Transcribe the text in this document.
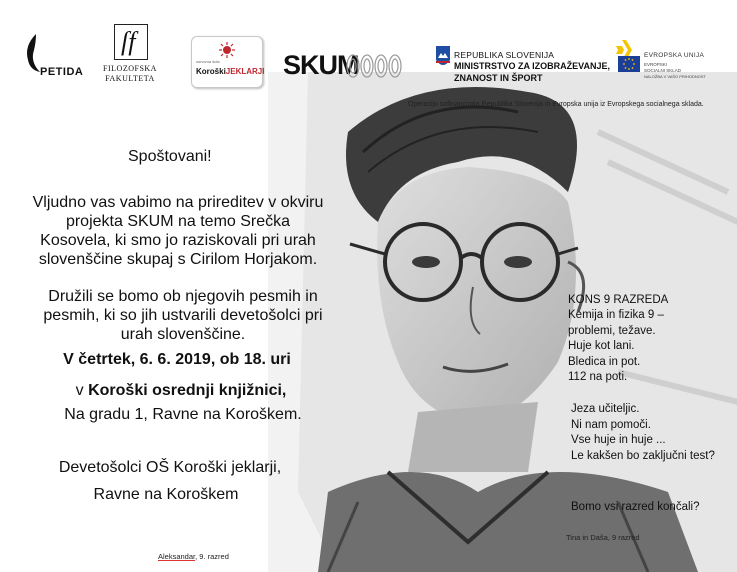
PETIDA
ſf
FILOZOFSKA
FAKULTETA
osnovna šola
KoroškiJEKLARJI SKUM	REPUBLIKA SLOVENIJA
MINISTRSTVO ZA IZOBRAŽEVANJE,
ZNANOST IN ŠPORT
EVROPSKA UNIJA
EVROPSKI
SOCIALNI SKLAD
NALOŽBA V VAŠO PRIHODNOST
Operacijo sofinancirata Republika Slovenija in Evropska unija iz Evropskega socialnega sklada.
Spoštovani!
Vljudno vas vabimo na prireditev v okviru
projekta SKUM na temo Srečka
Kosovela, ki smo jo raziskovali pri urah
slovenščine skupaj s Cirilom Horjakom.
Družili se bomo ob njegovih pesmih in
pesmih, ki so jih ustvarili devetošolci pri
urah slovenščine.
V četrtek, 6. 6. 2019, ob 18. uri
v Koroški osrednji knjižnici,
Na gradu 1, Ravne na Koroškem.
Devetošolci OŠ Koroški jeklarji,
Ravne na Koroškem
KONS 9 RAZREDA
Kemija in fizika 9 –
problemi, težave.
Huje kot lani.
Bledica in pot.
112 na poti.
Jeza učiteljic.
Ni nam pomoči.
Vse huje in huje ...
Le kakšen bo zaključni test?
Bomo vsi razred končali?
Aleksandar, 9. razred
Tina in Daša, 9 razred
